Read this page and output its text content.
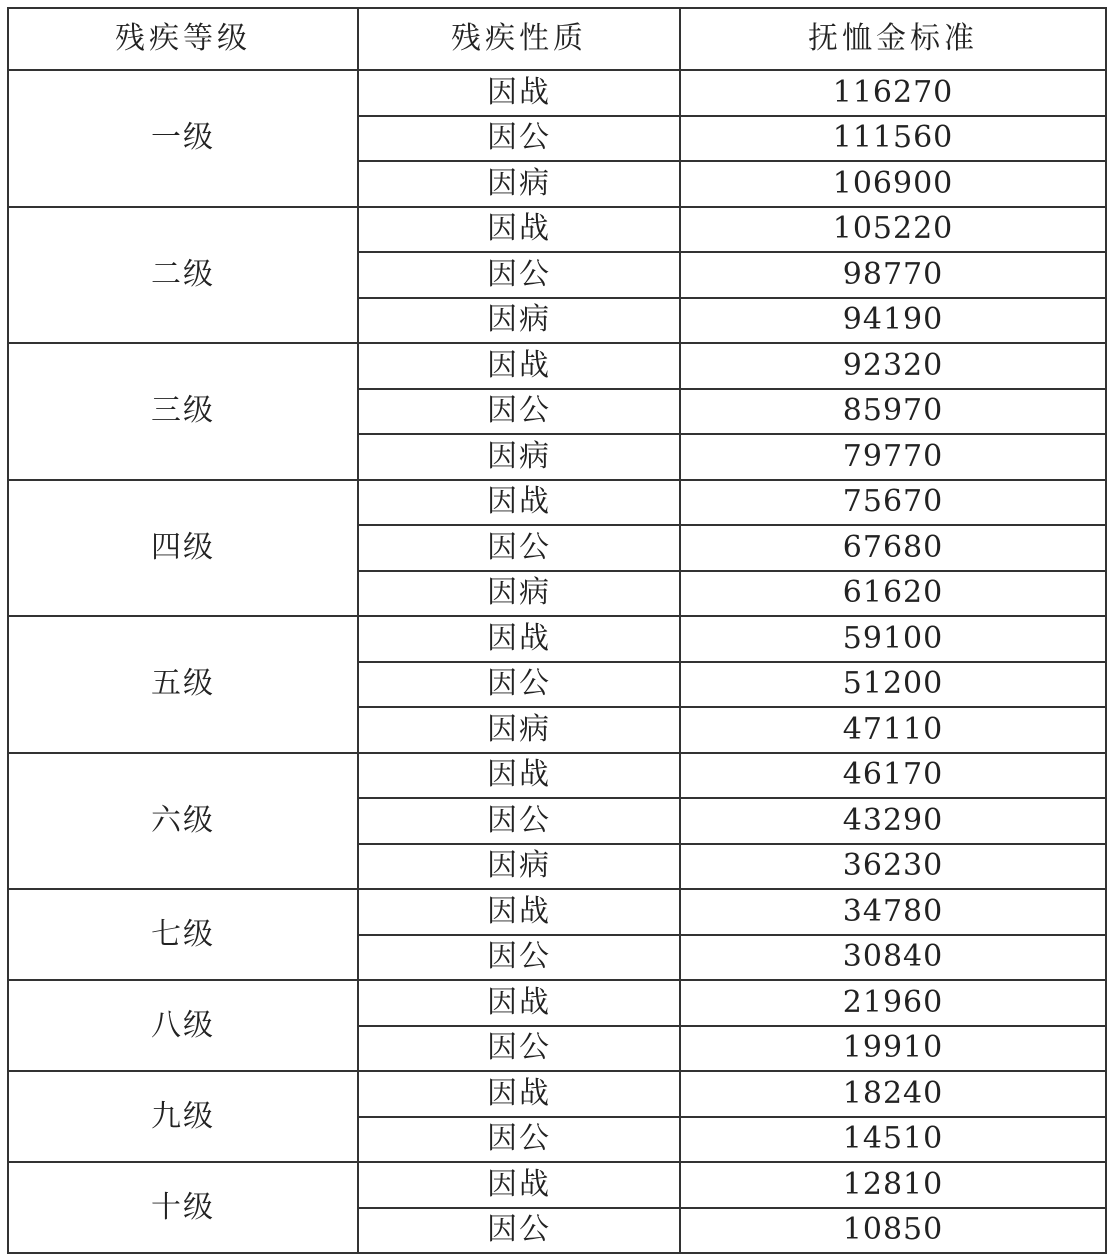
残疾等级	残疾性质	抚恤金标准
一级	因战	116270
	因公	111560
	因病	106900
二级	因战	105220
	因公	98770
	因病	94190
三级	因战	92320
	因公	85970
	因病	79770
四级	因战	75670
	因公	67680
	因病	61620
五级	因战	59100
	因公	51200
	因病	47110
六级	因战	46170
	因公	43290
	因病	36230
七级	因战	34780
	因公	30840
八级	因战	21960
	因公	19910
九级	因战	18240
	因公	14510
十级	因战	12810
	因公	10850
